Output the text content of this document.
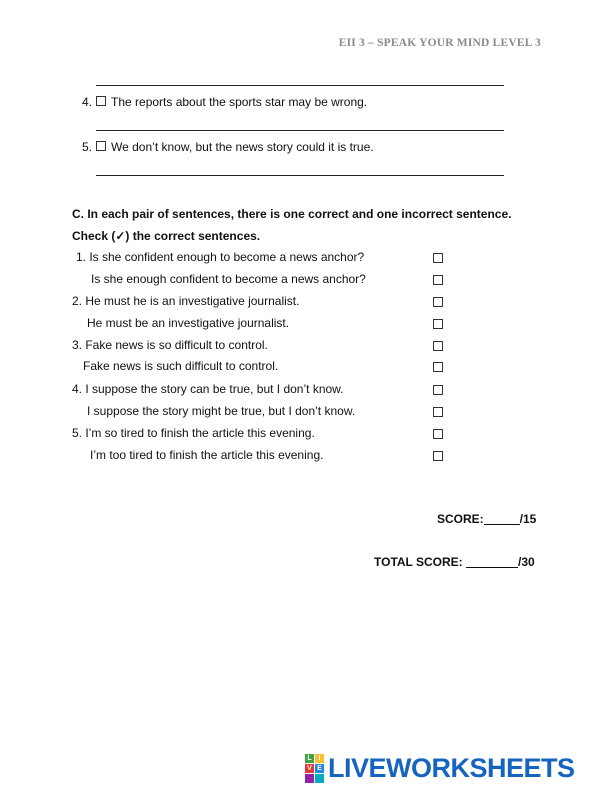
EII 3 – SPEAK YOUR MIND LEVEL 3
4. The reports about the sports star may be wrong.
5. We don’t know, but the news story could it is true.
C. In each pair of sentences, there is one correct and one incorrect sentence.
Check (✓) the correct sentences.
1. Is she confident enough to become a news anchor?
Is she enough confident to become a news anchor?
2. He must he is an investigative journalist.
He must be an investigative journalist.
3. Fake news is so difficult to control.
Fake news is such difficult to control.
4. I suppose the story can be true, but I don’t know.
I suppose the story might be true, but I don’t know.
5. I’m so tired to finish the article this evening.
I’m too tired to finish the article this evening.
SCORE:	/15
TOTAL SCORE:	/30
L I
V E LIVEWORKSHEETS
